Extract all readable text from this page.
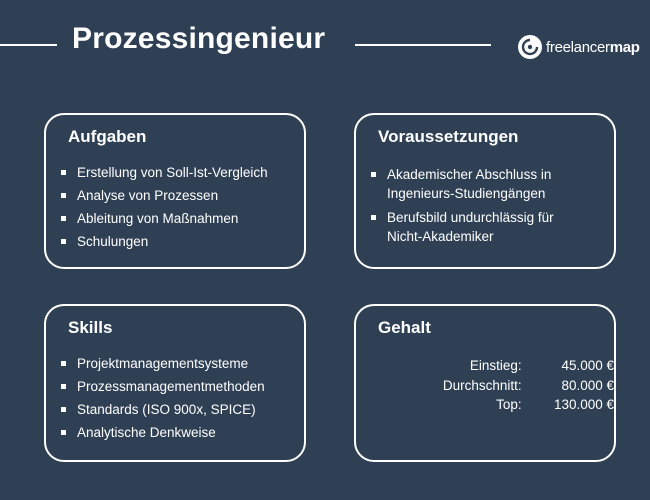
Prozessingenieur	freelancermap
Aufgaben
Erstellung von Soll-Ist-Vergleich
Analyse von Prozessen
Ableitung von Maßnahmen
Schulungen
Voraussetzungen
Akademischer Abschluss in Ingenieurs-Studiengängen
Berufsbild undurchlässig für Nicht-Akademiker
Skills
Projektmanagementsysteme
Prozessmanagementmethoden
Standards (ISO 900x, SPICE)
Analytische Denkweise
Gehalt
Einstieg:	45.000 €
Durchschnitt:	80.000 €
Top:	130.000 €
